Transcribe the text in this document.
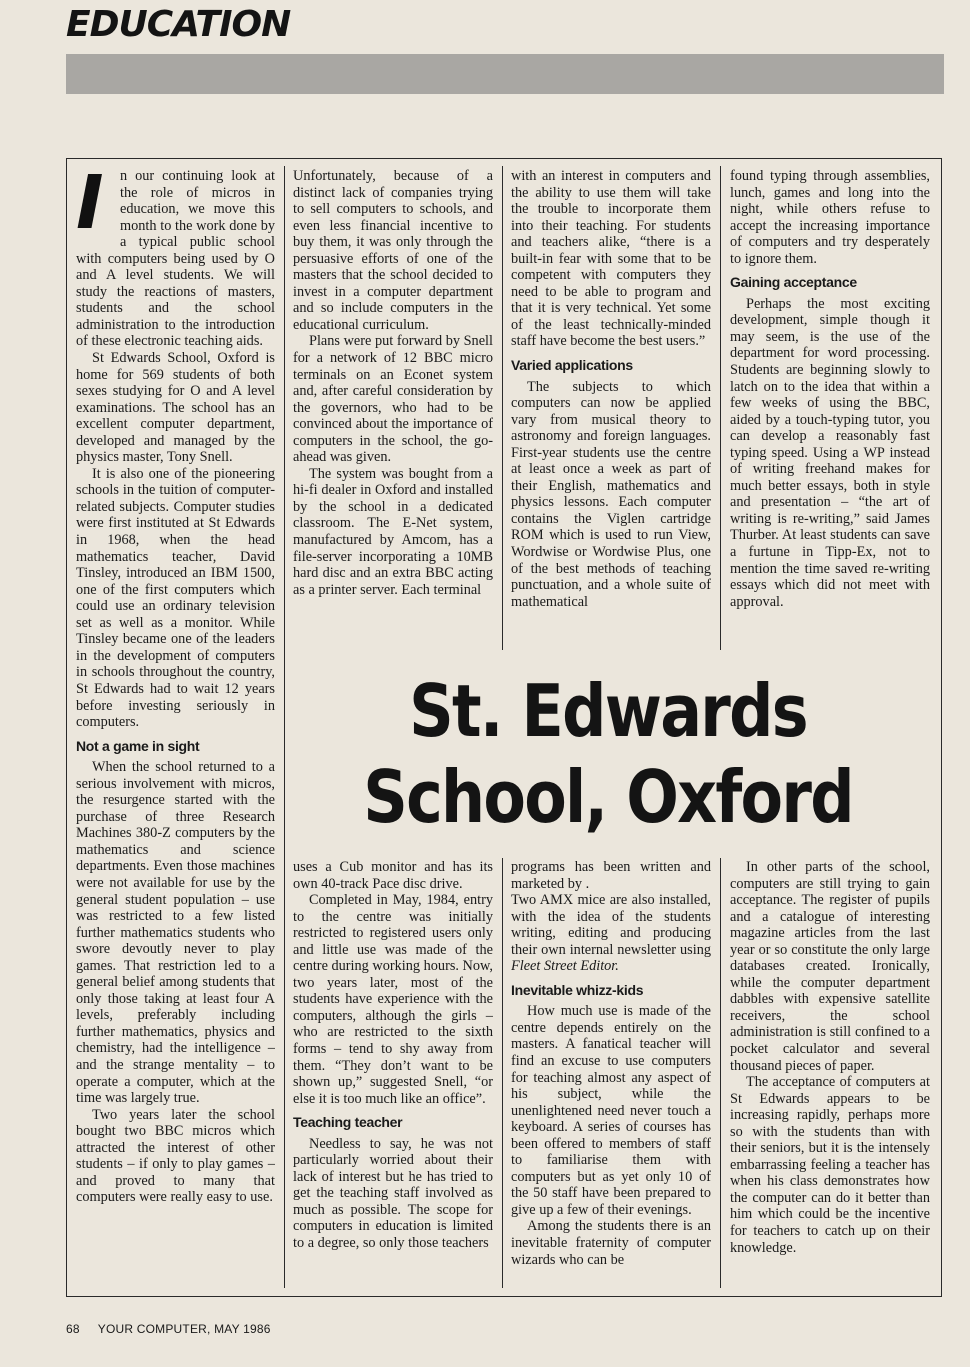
EDUCATION
I	n our continuing look at the role of micros in education, we move this month to the work done by a typical public school with computers being used by O and A level students. We will study the reactions of masters, students and the school administration to the introduction of these electronic teaching aids.

St Edwards School, Oxford is home for 569 students of both sexes studying for O and A level examinations. The school has an excellent computer department, developed and managed by the physics master, Tony Snell.

It is also one of the pioneering schools in the tuition of computer-related subjects. Computer studies were first instituted at St Edwards in 1968, when the head mathematics teacher, David Tinsley, introduced an IBM 1500, one of the first computers which could use an ordinary television set as well as a monitor. While Tinsley became one of the leaders in the development of computers in schools throughout the country, St Edwards had to wait 12 years before investing seriously in computers.

Not a game in sight

When the school returned to a serious involvement with micros, the resurgence started with the purchase of three Research Machines 380-Z computers by the mathematics and science departments. Even those machines were not available for use by the general student population – use was restricted to a few listed further mathematics students who swore devoutly never to play games. That restriction led to a general belief among students that only those taking at least four A levels, preferably including further mathematics, physics and chemistry, had the intelligence – and the strange mentality – to operate a computer, which at the time was largely true.

Two years later the school bought two BBC micros which attracted the interest of other students – if only to play games – and proved to many that computers were really easy to use.

Unfortunately, because of a distinct lack of companies trying to sell computers to schools, and even less financial incentive to buy them, it was only through the persuasive efforts of one of the masters that the school decided to invest in a computer department and so include computers in the educational curriculum.

Plans were put forward by Snell for a network of 12 BBC micro terminals on an Econet system and, after careful consideration by the governors, who had to be convinced about the importance of computers in the school, the go-ahead was given.

The system was bought from a hi-fi dealer in Oxford and installed by the school in a dedicated classroom. The E-Net system, manufactured by Amcom, has a file-server incorporating a 10MB hard disc and an extra BBC acting as a printer server. Each terminal

with an interest in computers and the ability to use them will take the trouble to incorporate them into their teaching. For students and teachers alike, “there is a built-in fear with some that to be competent with computers they need to be able to program and that it is very technical. Yet some of the least technically-minded staff have become the best users.”

Varied applications

The subjects to which computers can now be applied vary from musical theory to astronomy and foreign languages. First-year students use the centre at least once a week as part of their English, mathematics and physics lessons. Each computer contains the Viglen cartridge ROM which is used to run View, Wordwise or Wordwise Plus, one of the best methods of teaching punctuation, and a whole suite of mathematical

found typing through assemblies, lunch, games and long into the night, while others refuse to accept the increasing importance of computers and try desperately to ignore them.

Gaining acceptance

Perhaps the most exciting development, simple though it may seem, is the use of the department for word processing. Students are beginning slowly to latch on to the idea that within a few weeks of using the BBC, aided by a touch-typing tutor, you can develop a reasonably fast typing speed. Using a WP instead of writing freehand makes for much better essays, both in style and presentation – “the art of writing is re-writing,” said James Thurber. At least students can save a furtune in Tipp-Ex, not to mention the time saved re-writing essays which did not meet with approval.

St. Edwards
School, Oxford

uses a Cub monitor and has its own 40-track Pace disc drive.

Completed in May, 1984, entry to the centre was initially restricted to registered users only and little use was made of the centre during working hours. Now, two years later, most of the students have experience with the computers, although the girls – who are restricted to the sixth forms – tend to shy away from them. “They don’t want to be shown up,” suggested Snell, “or else it is too much like an office”.

Teaching teacher

Needless to say, he was not particularly worried about their lack of interest but he has tried to get the teaching staff involved as much as possible. The scope for computers in education is limited to a degree, so only those teachers

programs has been written and marketed by .

Two AMX mice are also installed, with the idea of the students writing, editing and producing their own internal newsletter using Fleet Street Editor.

Inevitable whizz-kids

How much use is made of the centre depends entirely on the masters. A fanatical teacher will find an excuse to use computers for teaching almost any aspect of his subject, while the unenlightened need never touch a keyboard. A series of courses has been offered to members of staff to familiarise them with computers but as yet only 10 of the 50 staff have been prepared to give up a few of their evenings.

Among the students there is an inevitable fraternity of computer wizards who can be

In other parts of the school, computers are still trying to gain acceptance. The register of pupils and a catalogue of interesting magazine articles from the last year or so constitute the only large databases created. Ironically, while the computer department dabbles with expensive satellite receivers, the school administration is still confined to a pocket calculator and several thousand pieces of paper.

The acceptance of computers at St Edwards appears to be increasing rapidly, perhaps more so with the students than with their seniors, but it is the intensely embarrassing feeling a teacher has when his class demonstrates how the computer can do it better than him which could be the incentive for teachers to catch up on their knowledge.

68 YOUR COMPUTER, MAY 1986
